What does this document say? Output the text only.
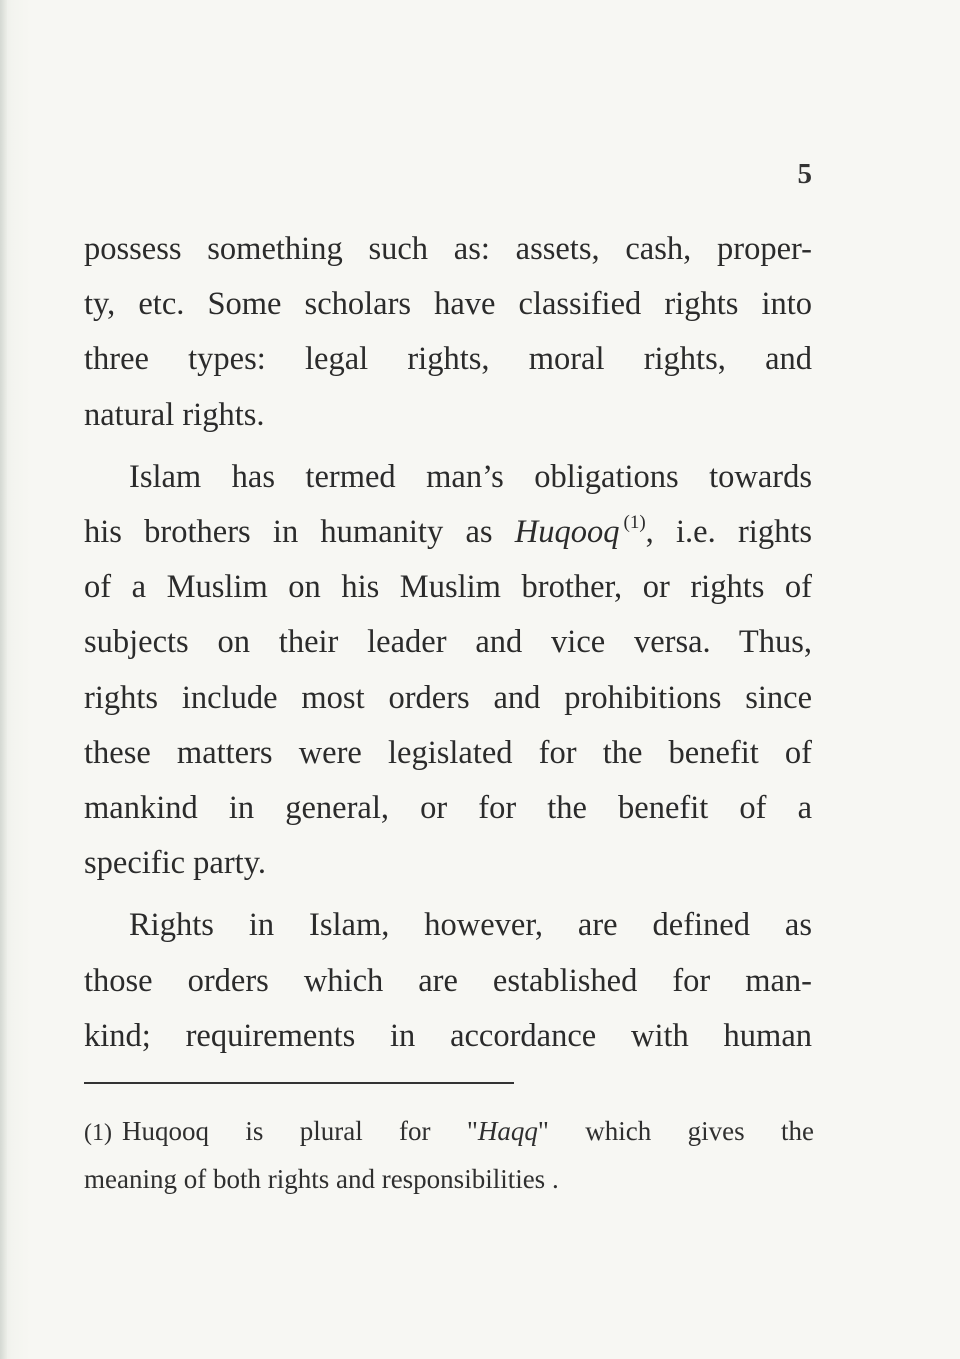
5

possess something such as: assets, cash, proper-
ty, etc. Some scholars have classified rights into
three types: legal rights, moral rights, and
natural rights.

Islam has termed man’s obligations towards
his brothers in humanity as Huqooq $^{(1)}$, i.e. rights
of a Muslim on his Muslim brother, or rights of
subjects on their leader and vice versa. Thus,
rights include most orders and prohibitions since
these matters were legislated for the benefit of
mankind in general, or for the benefit of a
specific party.

Rights in Islam, however, are defined as
those orders which are established for man-
kind; requirements in accordance with human

(1) Huqooq is plural for "Haqq" which gives the
meaning of both rights and responsibilities .
